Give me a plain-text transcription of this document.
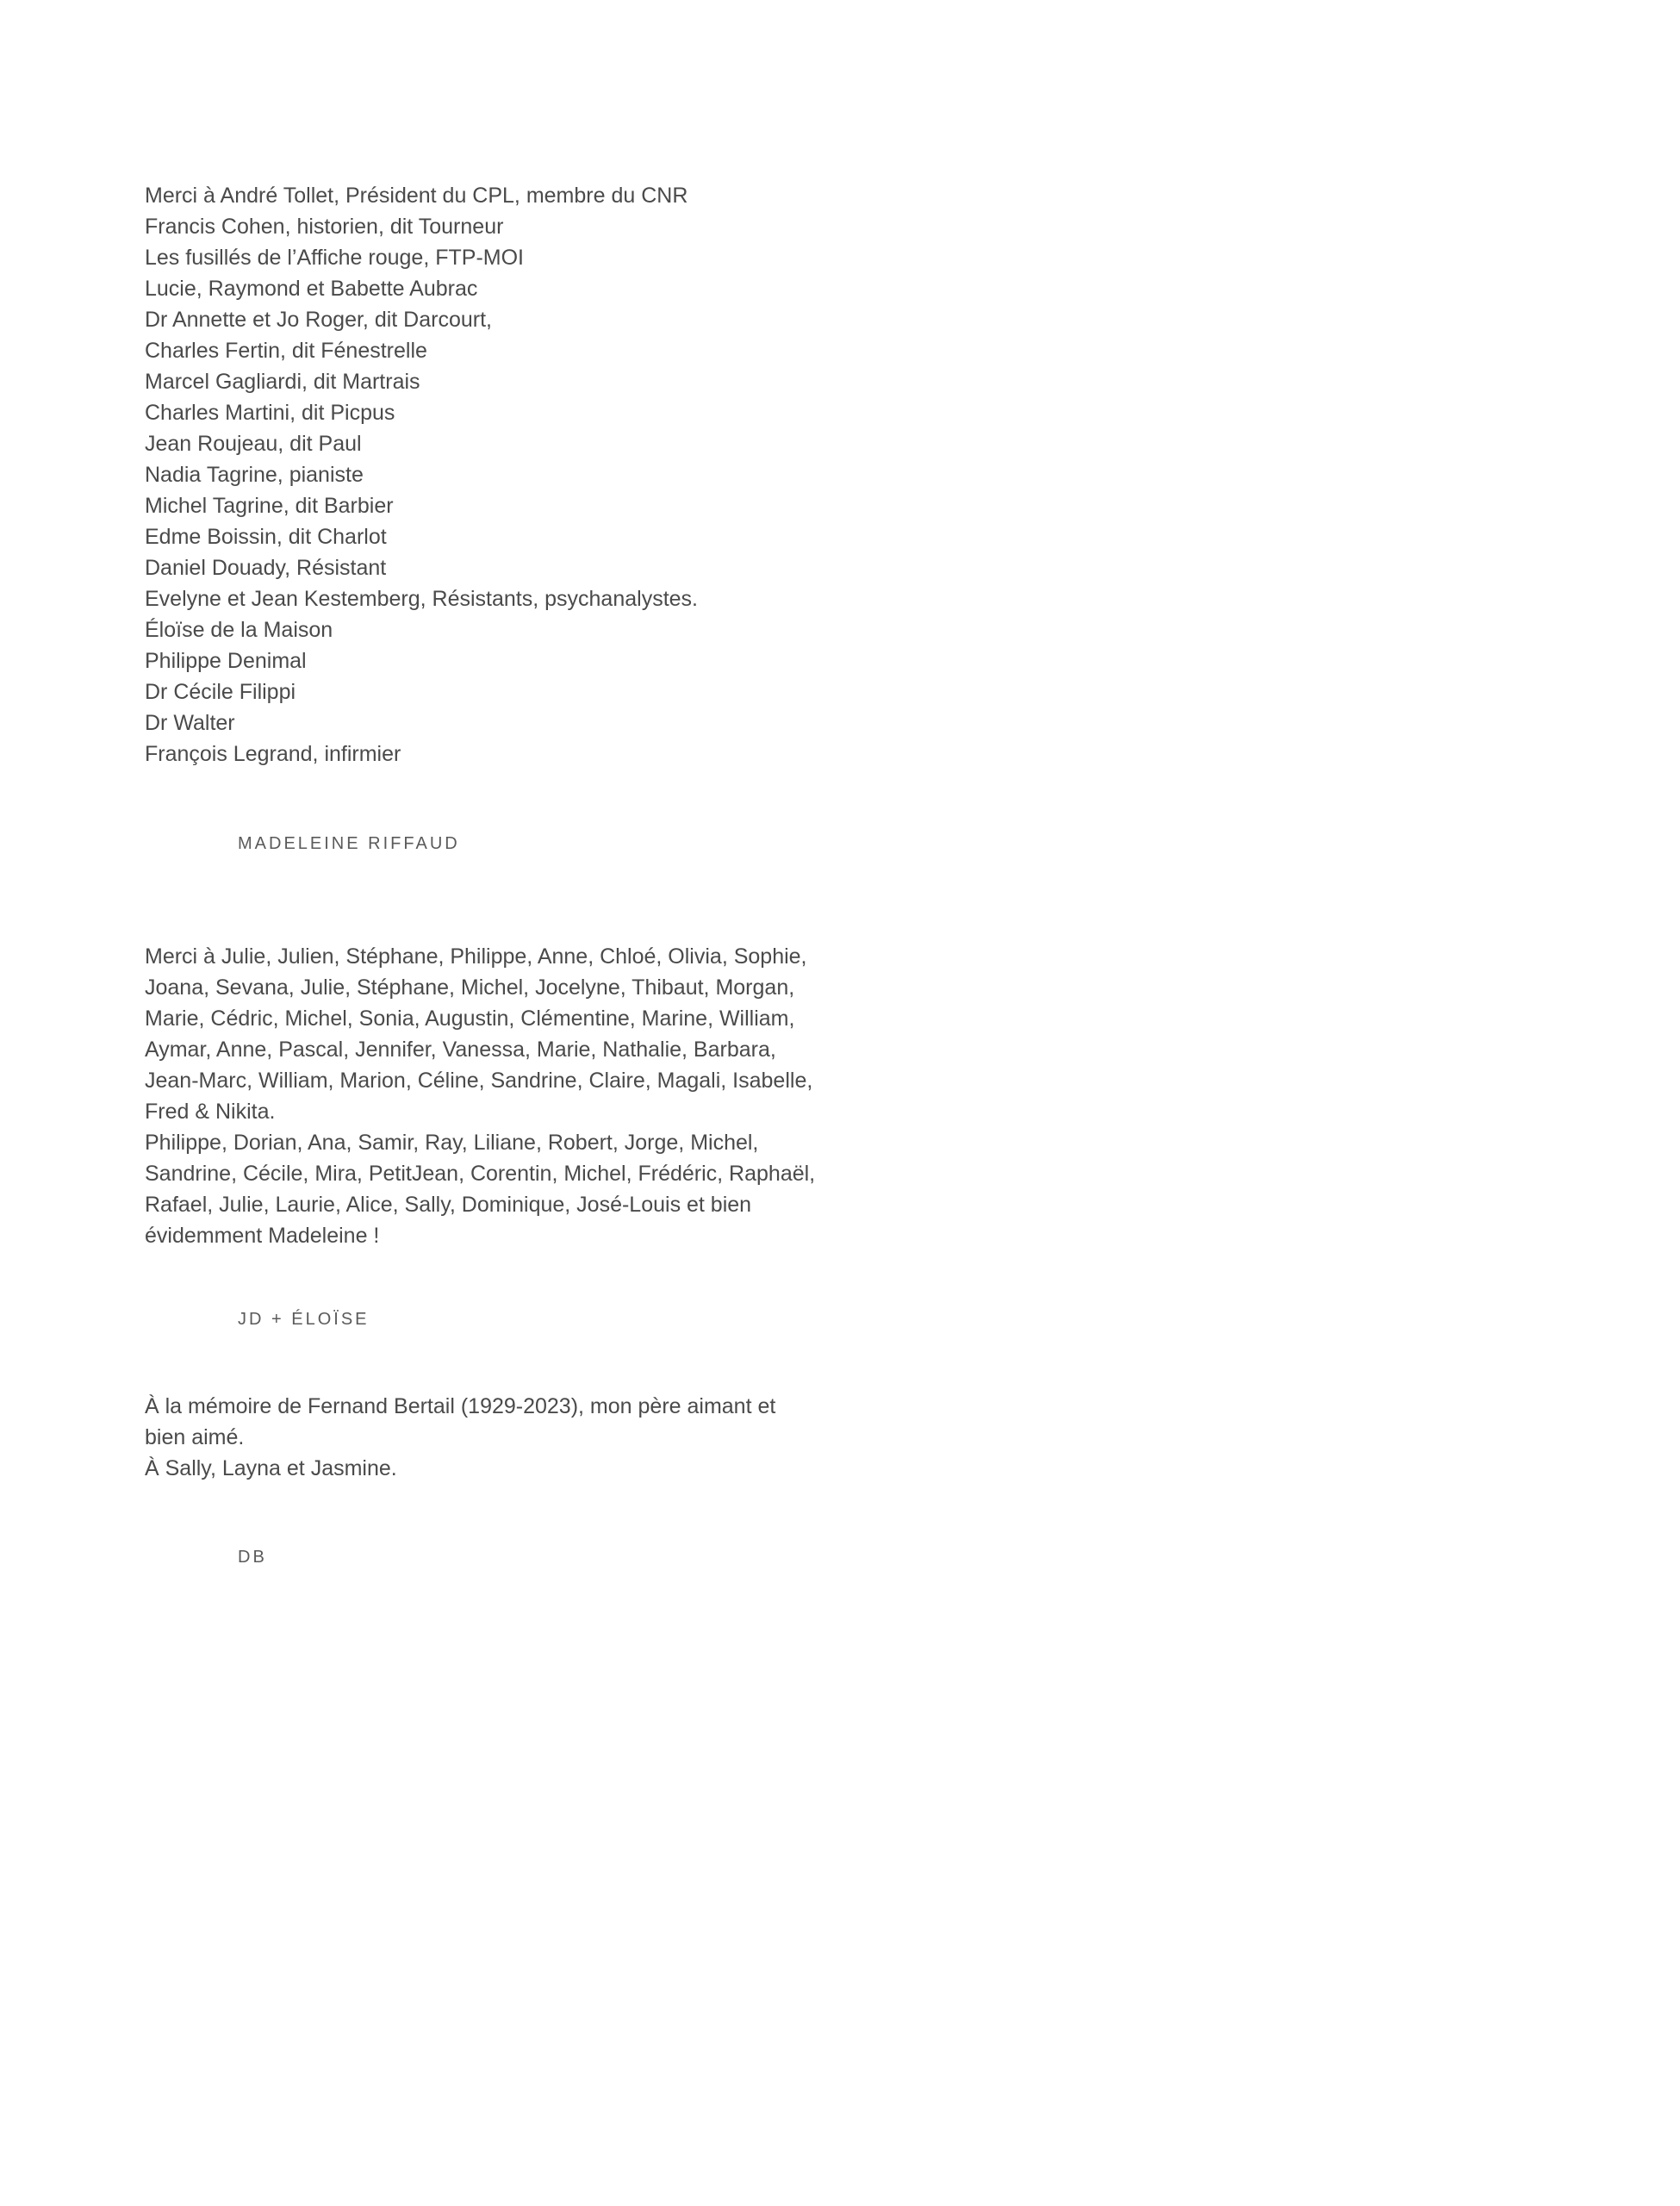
Merci à André Tollet, Président du CPL, membre du CNR
Francis Cohen, historien, dit Tourneur
Les fusillés de l’Affiche rouge, FTP-MOI
Lucie, Raymond et Babette Aubrac
Dr Annette et Jo Roger, dit Darcourt,
Charles Fertin, dit Fénestrelle
Marcel Gagliardi, dit Martrais
Charles Martini, dit Picpus
Jean Roujeau, dit Paul
Nadia Tagrine, pianiste
Michel Tagrine, dit Barbier
Edme Boissin, dit Charlot
Daniel Douady, Résistant
Evelyne et Jean Kestemberg, Résistants, psychanalystes.
Éloïse de la Maison
Philippe Denimal
Dr Cécile Filippi
Dr Walter
François Legrand, infirmier
MADELEINE RIFFAUD
Merci à Julie, Julien, Stéphane, Philippe, Anne, Chloé, Olivia, Sophie,
Joana, Sevana, Julie, Stéphane, Michel, Jocelyne, Thibaut, Morgan,
Marie, Cédric, Michel, Sonia, Augustin, Clémentine, Marine, William,
Aymar, Anne, Pascal, Jennifer, Vanessa, Marie, Nathalie, Barbara,
Jean-Marc, William, Marion, Céline, Sandrine, Claire, Magali, Isabelle,
Fred & Nikita.
Philippe, Dorian, Ana, Samir, Ray, Liliane, Robert, Jorge, Michel,
Sandrine, Cécile, Mira, PetitJean, Corentin, Michel, Frédéric, Raphaël,
Rafael, Julie, Laurie, Alice, Sally, Dominique, José-Louis et bien
évidemment Madeleine !
JD + ÉLOÏSE
À la mémoire de Fernand Bertail (1929-2023), mon père aimant et
bien aimé.
À Sally, Layna et Jasmine.
DB
